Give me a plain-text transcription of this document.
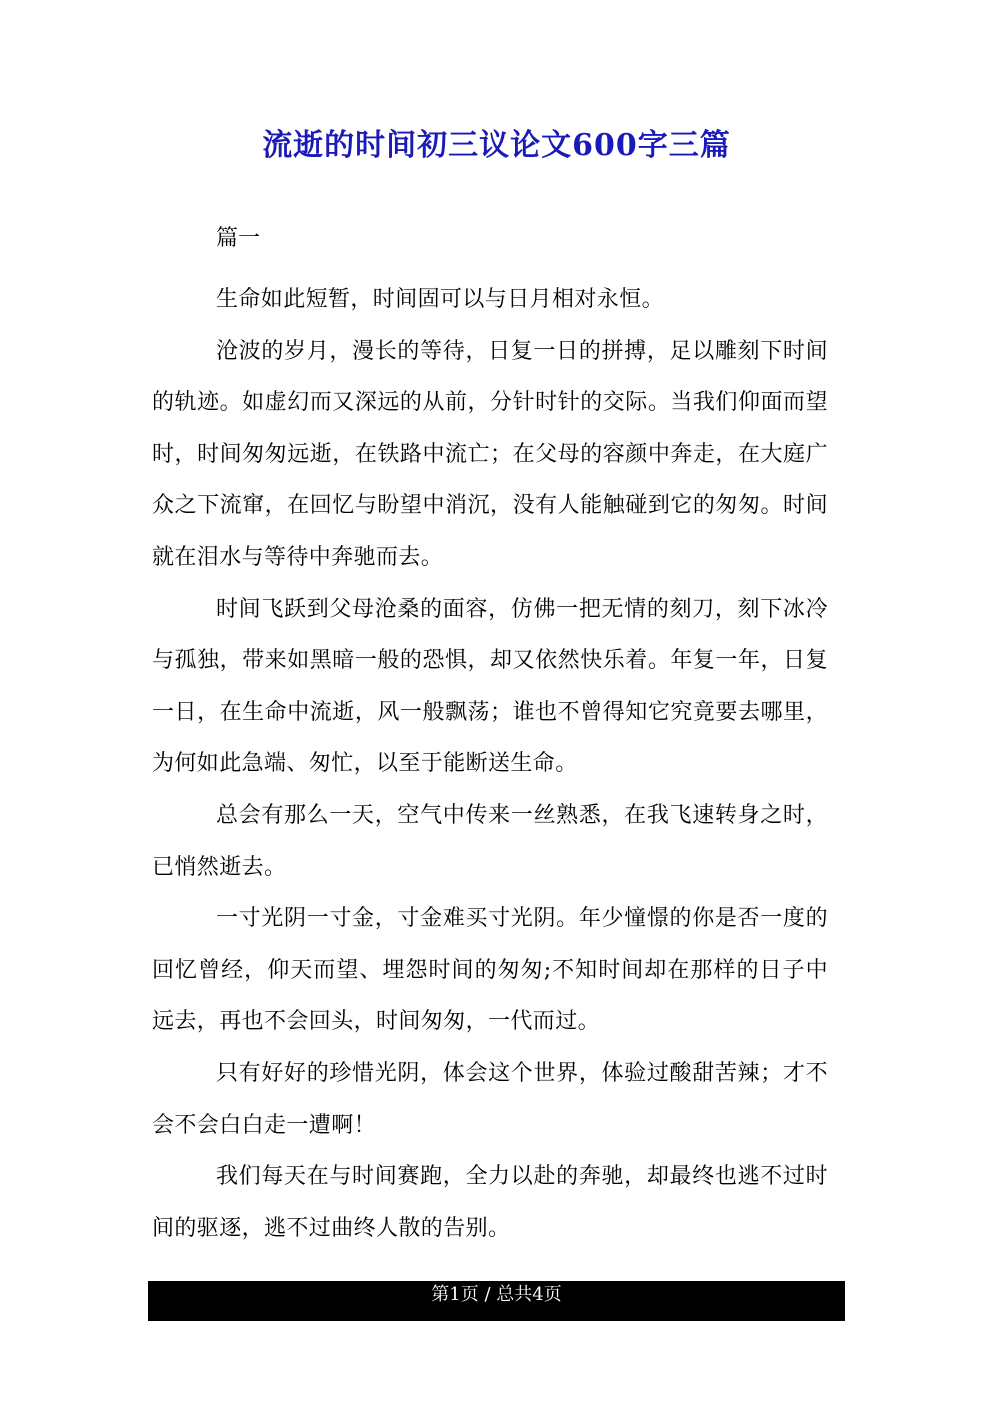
流逝的时间初三议论文600字三篇

篇一

生命如此短暂，时间固可以与日月相对永恒。

沧波的岁月，漫长的等待，日复一日的拼搏，足以雕刻下时间的轨迹。如虚幻而又深远的从前，分针时针的交际。当我们仰面而望时，时间匆匆远逝，在铁路中流亡；在父母的容颜中奔走，在大庭广众之下流窜，在回忆与盼望中消沉，没有人能触碰到它的匆匆。时间就在泪水与等待中奔驰而去。

时间飞跃到父母沧桑的面容，仿佛一把无情的刻刀，刻下冰冷与孤独，带来如黑暗一般的恐惧，却又依然快乐着。年复一年，日复一日，在生命中流逝，风一般飘荡；谁也不曾得知它究竟要去哪里，为何如此急端、匆忙，以至于能断送生命。

总会有那么一天，空气中传来一丝熟悉，在我飞速转身之时，已悄然逝去。

一寸光阴一寸金，寸金难买寸光阴。年少憧憬的你是否一度的回忆曾经，仰天而望、埋怨时间的匆匆;不知时间却在那样的日子中远去，再也不会回头，时间匆匆，一代而过。

只有好好的珍惜光阴，体会这个世界，体验过酸甜苦辣；才不会不会白白走一遭啊！

我们每天在与时间赛跑，全力以赴的奔驰，却最终也逃不过时间的驱逐，逃不过曲终人散的告别。

第1页 / 总共4页
